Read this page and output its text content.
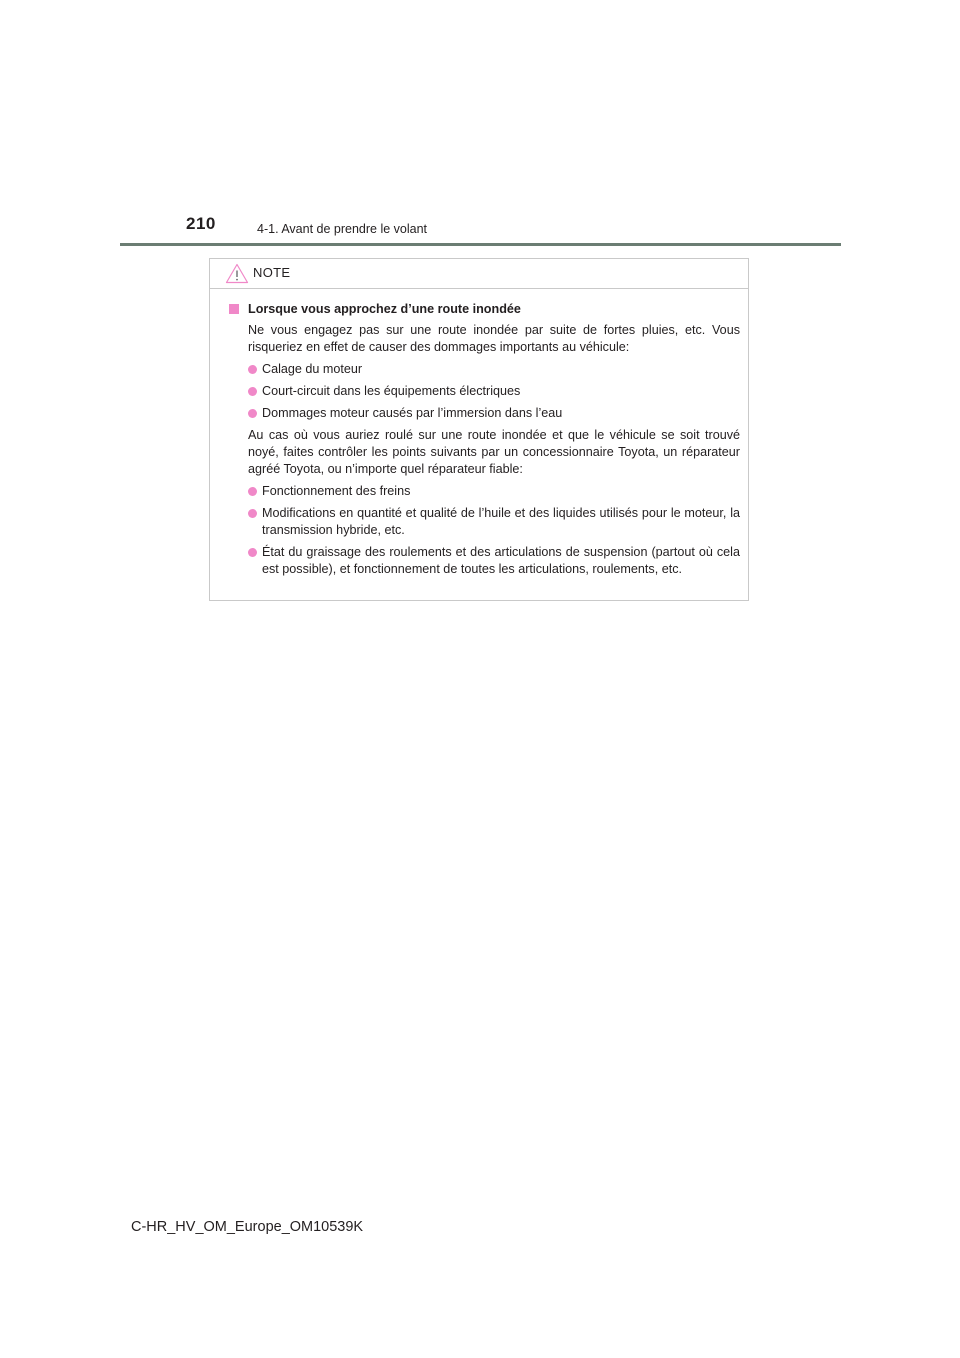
210	4-1. Avant de prendre le volant
NOTE
Lorsque vous approchez d’une route inondée

Ne vous engagez pas sur une route inondée par suite de fortes pluies, etc. Vous risqueriez en effet de causer des dommages importants au véhicule:

Calage du moteur
Court-circuit dans les équipements électriques
Dommages moteur causés par l’immersion dans l’eau

Au cas où vous auriez roulé sur une route inondée et que le véhicule se soit trouvé noyé, faites contrôler les points suivants par un concessionnaire Toyota, un réparateur agréé Toyota, ou n’importe quel réparateur fiable:

Fonctionnement des freins
Modifications en quantité et qualité de l’huile et des liquides utilisés pour le moteur, la transmission hybride, etc.
État du graissage des roulements et des articulations de suspension (partout où cela est possible), et fonctionnement de toutes les articulations, roulements, etc.
C-HR_HV_OM_Europe_OM10539K
